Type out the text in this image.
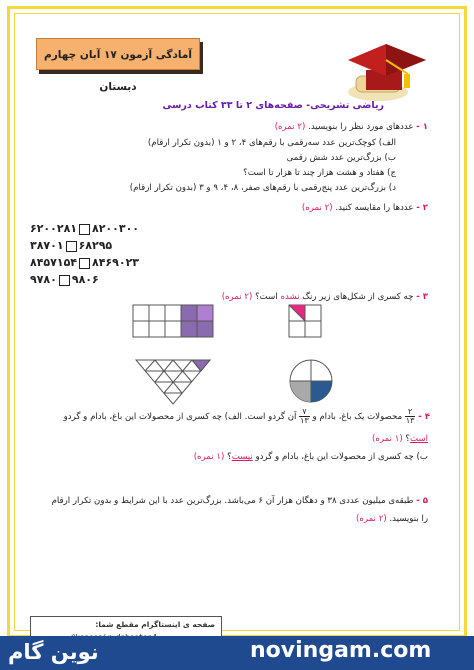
آمادگی آزمون ۱۷ آبان چهارم دبستان
ریاضی تشریحی- صفحه‌های ۲ تا ۳۳ کتاب درسی
۱ - عددهای مورد نظر را بنویسید. (۲ نمره)
الف) کوچک‌ترین عدد سه‌رقمی با رقم‌های ۴، ۲ و ۱ (بدون تکرار ارقام)
ب) بزرگ‌ترین عدد شش رقمی
ج) هفتاد و هشت هزار چند تا هزار تا است؟
د) بزرگ‌ترین عدد پنج‌رقمی با رقم‌های صفر، ۸، ۴، ۹ و ۳ (بدون تکرار ارقام)
۲ - عددها را مقایسه کنید. (۲ نمره)
۶۲۰۰۲۸۱ ۸۲۰۰۳۰۰
۳۸۷۰۱ ۶۸۲۹۵
۸۴۵۷۱۵۴ ۸۴۶۹۰۲۳
۹۷۸۰ ۹۸۰۶
۳ - چه کسری از شکل‌های زیر رنگ نشده است؟ (۲ نمره)
۴ -
$\frac{۲}{۱۳}$
محصولات یک باغ، بادام و
$\frac{۷}{۱۳}$
آن گردو است. الف) چه کسری از محصولات این باغ، بادام و گردو
است؟ (۱ نمره)
ب) چه کسری از محصولات این باغ، بادام و گردو نیست؟ (۱ نمره)
۵ - طبقه‌ی میلیون عددی ۳۸ و دهگان هزار آن ۶ می‌باشد. بزرگ‌ترین عدد با این شرایط و بدون تکرار ارقام
را بنویسید. (۲ نمره)
صفحه ی اینستاگرام مقطع شما:
novingam.com
نوین گام
